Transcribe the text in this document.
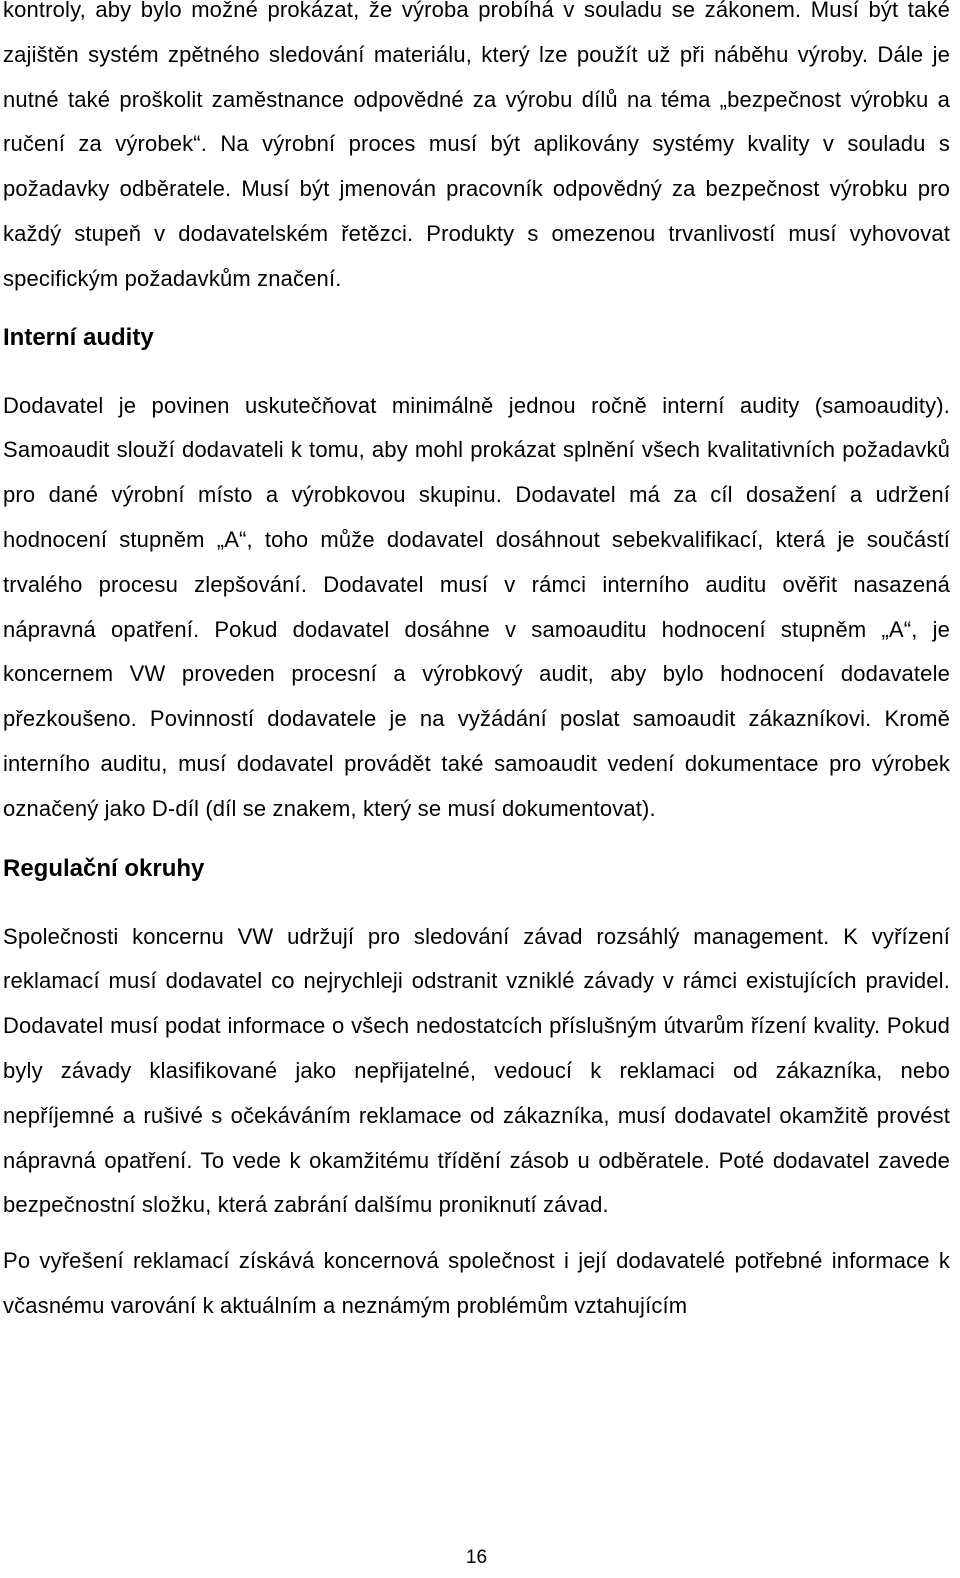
kontroly, aby bylo možné prokázat, že výroba probíhá v souladu se zákonem. Musí být také zajištěn systém zpětného sledování materiálu, který lze použít už při náběhu výroby. Dále je nutné také proškolit zaměstnance odpovědné za výrobu dílů na téma „bezpečnost výrobku a ručení za výrobek“. Na výrobní proces musí být aplikovány systémy kvality v souladu s požadavky odběratele. Musí být jmenován pracovník odpovědný za bezpečnost výrobku pro každý stupeň v dodavatelském řetězci. Produkty s omezenou trvanlivostí musí vyhovovat specifickým požadavkům značení.

Interní audity

Dodavatel je povinen uskutečňovat minimálně jednou ročně interní audity (samoaudity). Samoaudit slouží dodavateli k tomu, aby mohl prokázat splnění všech kvalitativních požadavků pro dané výrobní místo a výrobkovou skupinu. Dodavatel má za cíl dosažení a udržení hodnocení stupněm „A“, toho může dodavatel dosáhnout sebekvalifikací, která je součástí trvalého procesu zlepšování. Dodavatel musí v rámci interního auditu ověřit nasazená nápravná opatření. Pokud dodavatel dosáhne v samoauditu hodnocení stupněm „A“, je koncernem VW proveden procesní a výrobkový audit, aby bylo hodnocení dodavatele přezkoušeno. Povinností dodavatele je na vyžádání poslat samoaudit zákazníkovi. Kromě interního auditu, musí dodavatel provádět také samoaudit vedení dokumentace pro výrobek označený jako D-díl (díl se znakem, který se musí dokumentovat).

Regulační okruhy

Společnosti koncernu VW udržují pro sledování závad rozsáhlý management. K vyřízení reklamací musí dodavatel co nejrychleji odstranit vzniklé závady v rámci existujících pravidel. Dodavatel musí podat informace o všech nedostatcích příslušným útvarům řízení kvality. Pokud byly závady klasifikované jako nepřijatelné, vedoucí k reklamaci od zákazníka, nebo nepříjemné a rušivé s očekáváním reklamace od zákazníka, musí dodavatel okamžitě provést nápravná opatření. To vede k okamžitému třídění zásob u odběratele. Poté dodavatel zavede bezpečnostní složku, která zabrání dalšímu proniknutí závad.

Po vyřešení reklamací získává koncernová společnost i její dodavatelé potřebné informace k včasnému varování k aktuálním a neznámým problémům vztahujícím

16
